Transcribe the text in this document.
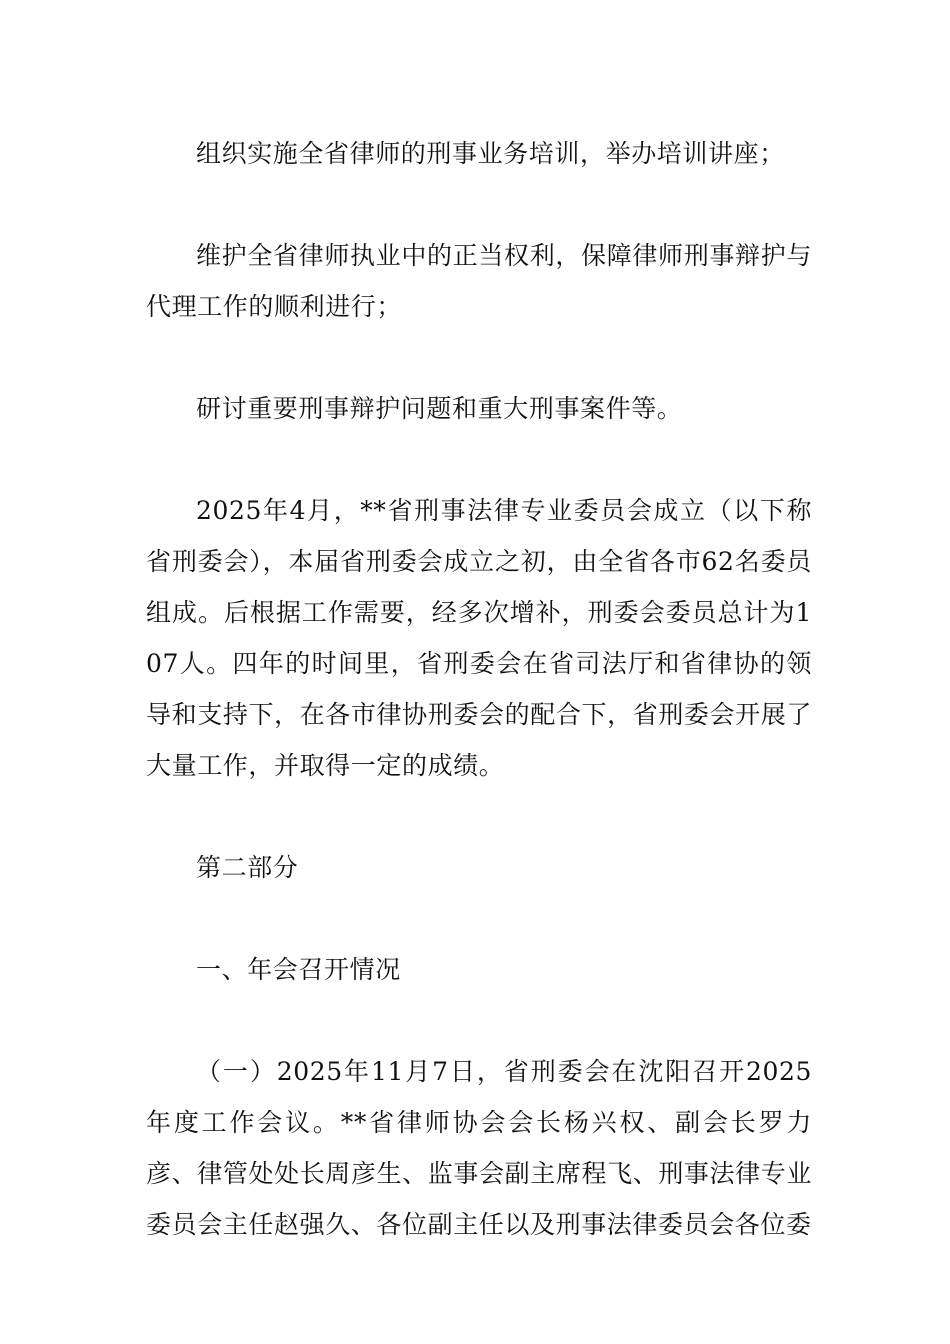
组织实施全省律师的刑事业务培训，举办培训讲座；

维护全省律师执业中的正当权利，保障律师刑事辩护与代理工作的顺利进行；

研讨重要刑事辩护问题和重大刑事案件等。

2025年4月，**省刑事法律专业委员会成立（以下称省刑委会），本届省刑委会成立之初，由全省各市62名委员组成。后根据工作需要，经多次增补，刑委会委员总计为107人。四年的时间里，省刑委会在省司法厅和省律协的领导和支持下，在各市律协刑委会的配合下，省刑委会开展了大量工作，并取得一定的成绩。

第二部分

一、年会召开情况

（一）2025年11月7日，省刑委会在沈阳召开2025年度工作会议。**省律师协会会长杨兴权、副会长罗力彦、律管处处长周彦生、监事会副主席程飞、刑事法律专业委员会主任赵强久、各位副主任以及刑事法律委员会各位委
